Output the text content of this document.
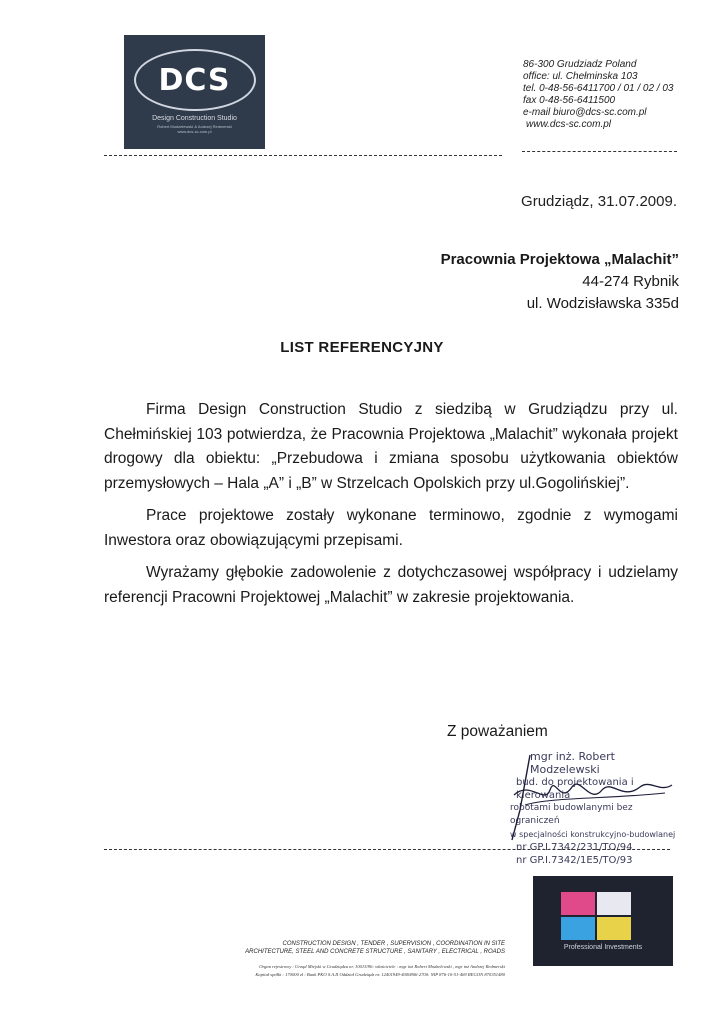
DCS
Design Construction Studio
Robert Modzelewski & Andrzej Redmerski
www.dcs-sc.com.pl
86-300 Grudziadz Poland
office: ul. Chełminska 103
tel. 0-48-56-6411700 / 01 / 02 / 03
fax 0-48-56-6411500
e-mail biuro@dcs-sc.com.pl
www.dcs-sc.com.pl
Grudziądz, 31.07.2009.
Pracownia Projektowa „Malachit”
44-274 Rybnik
ul. Wodzisławska 335d
LIST REFERENCYJNY

Firma Design Construction Studio z siedzibą w Grudziądzu przy ul. Chełmińskiej 103 potwierdza, że Pracownia Projektowa „Malachit” wykonała projekt drogowy dla obiektu: „Przebudowa i zmiana sposobu użytkowania obiektów przemysłowych – Hala „A” i „B” w Strzelcach Opolskich przy ul.Gogolińskiej”.

Prace projektowe zostały wykonane terminowo, zgodnie z wymogami Inwestora oraz obowiązującymi przepisami.

Wyrażamy głębokie zadowolenie z dotychczasowej współpracy i udzielamy referencji Pracowni Projektowej „Malachit” w zakresie projektowania.

Z poważaniem
mgr inż. Robert Modzelewski
bud. do projektowania i kierowania
robotami budowlanymi bez ograniczeń
w specjalności konstrukcyjno-budowlanej
nr GP.I.7342/231/TO/94
nr GP.I.7342/1E5/TO/93
Professional Investments
CONSTRUCTION DESIGN , TENDER , SUPERVISION , COORDINATION IN SITE
ARCHITECTURE, STEEL AND CONCRETE STRUCTURE , SANITARY , ELECTRICAL , ROADS
Organ rejestrowy : Urząd Miejski w Grudziądzu nr. 10015/96: właściciele : mgr inż Robert Modzelewski , mgr inż Andrzej Redmerski
Kapitał spółki : 170000 zł : Bank PKO S.A.II Oddział Grudziądz nr. 12401949-4000806-2700: NIP 876-10-51-469 REGON 870351480
